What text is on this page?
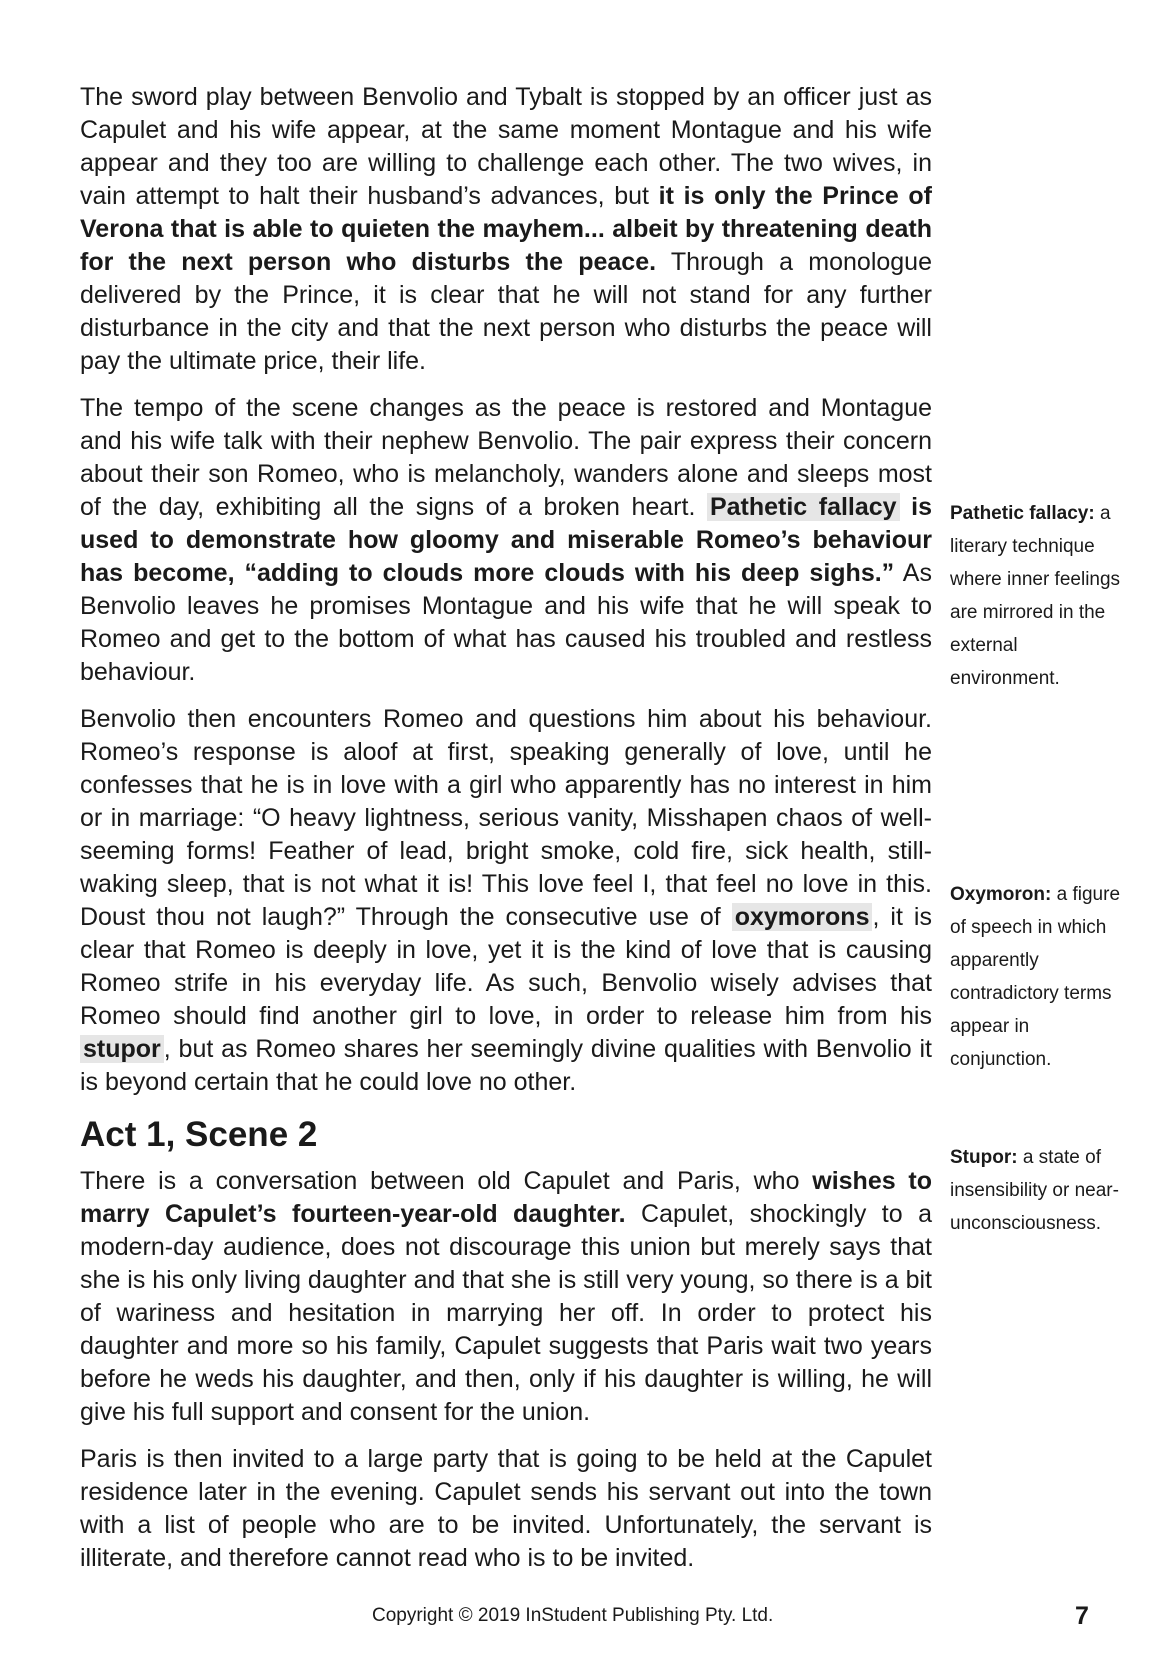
The sword play between Benvolio and Tybalt is stopped by an officer just as Capulet and his wife appear, at the same moment Montague and his wife appear and they too are willing to challenge each other. The two wives, in vain attempt to halt their husband’s advances, but it is only the Prince of Verona that is able to quieten the mayhem... albeit by threatening death for the next person who disturbs the peace. Through a monologue delivered by the Prince, it is clear that he will not stand for any further disturbance in the city and that the next person who disturbs the peace will pay the ultimate price, their life.

The tempo of the scene changes as the peace is restored and Montague and his wife talk with their nephew Benvolio. The pair express their concern about their son Romeo, who is melancholy, wanders alone and sleeps most of the day, exhibiting all the signs of a broken heart. Pathetic fallacy is used to demonstrate how gloomy and miserable Romeo’s behaviour has become, “adding to clouds more clouds with his deep sighs.” As Benvolio leaves he promises Montague and his wife that he will speak to Romeo and get to the bottom of what has caused his troubled and restless behaviour.

Benvolio then encounters Romeo and questions him about his behaviour. Romeo’s response is aloof at first, speaking generally of love, until he confesses that he is in love with a girl who apparently has no interest in him or in marriage: “O heavy lightness, serious vanity, Misshapen chaos of well-seeming forms! Feather of lead, bright smoke, cold fire, sick health, still-waking sleep, that is not what it is! This love feel I, that feel no love in this. Doust thou not laugh?” Through the consecutive use of oxymorons , it is clear that Romeo is deeply in love, yet it is the kind of love that is causing Romeo strife in his everyday life. As such, Benvolio wisely advises that Romeo should find another girl to love, in order to release him from his stupor , but as Romeo shares her seemingly divine qualities with Benvolio it is beyond certain that he could love no other.

Act 1, Scene 2

There is a conversation between old Capulet and Paris, who wishes to marry Capulet’s fourteen-year-old daughter. Capulet, shockingly to a modern-day audience, does not discourage this union but merely says that she is his only living daughter and that she is still very young, so there is a bit of wariness and hesitation in marrying her off. In order to protect his daughter and more so his family, Capulet suggests that Paris wait two years before he weds his daughter, and then, only if his daughter is willing, he will give his full support and consent for the union.

Paris is then invited to a large party that is going to be held at the Capulet residence later in the evening. Capulet sends his servant out into the town with a list of people who are to be invited. Unfortunately, the servant is illiterate, and therefore cannot read who is to be invited.

Pathetic fallacy: a literary technique where inner feelings are mirrored in the external environment.
Oxymoron: a figure of speech in which apparently contradictory terms appear in conjunction.
Stupor: a state of insensibility or near-unconsciousness.
Copyright © 2019 InStudent Publishing Pty. Ltd.	7
